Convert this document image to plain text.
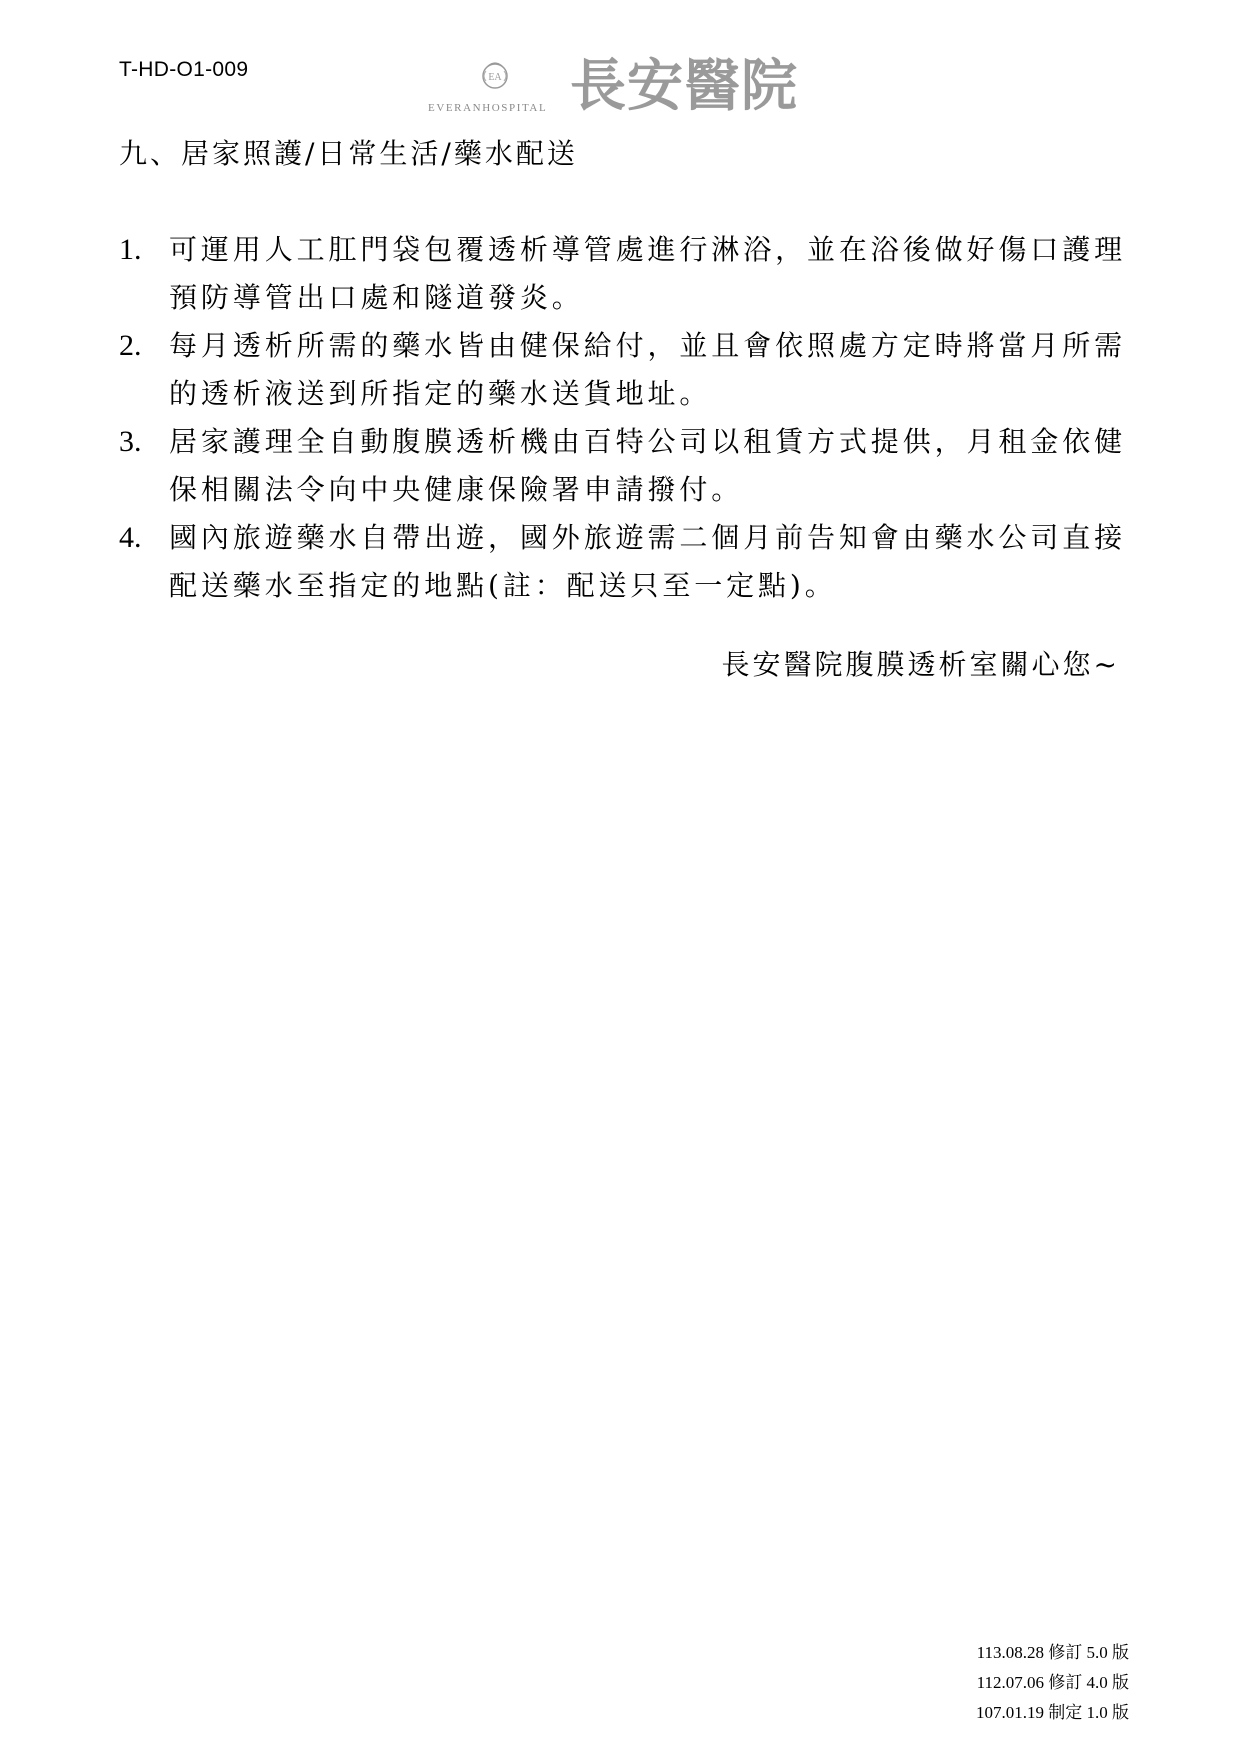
T-HD-O1-009	EA
EVERANHOSPITAL 長安醫院
九、居家照護/日常生活/藥水配送
1. 可運用人工肛門袋包覆透析導管處進行淋浴，並在浴後做好傷口護理預防導管出口處和隧道發炎。
2. 每月透析所需的藥水皆由健保給付，並且會依照處方定時將當月所需的透析液送到所指定的藥水送貨地址。
3. 居家護理全自動腹膜透析機由百特公司以租賃方式提供，月租金依健保相關法令向中央健康保險署申請撥付。
4. 國內旅遊藥水自帶出遊，國外旅遊需二個月前告知會由藥水公司直接配送藥水至指定的地點(註：配送只至一定點)。
長安醫院腹膜透析室關心您~
113.08.28 修訂 5.0 版
112.07.06 修訂 4.0 版
107.01.19 制定 1.0 版
